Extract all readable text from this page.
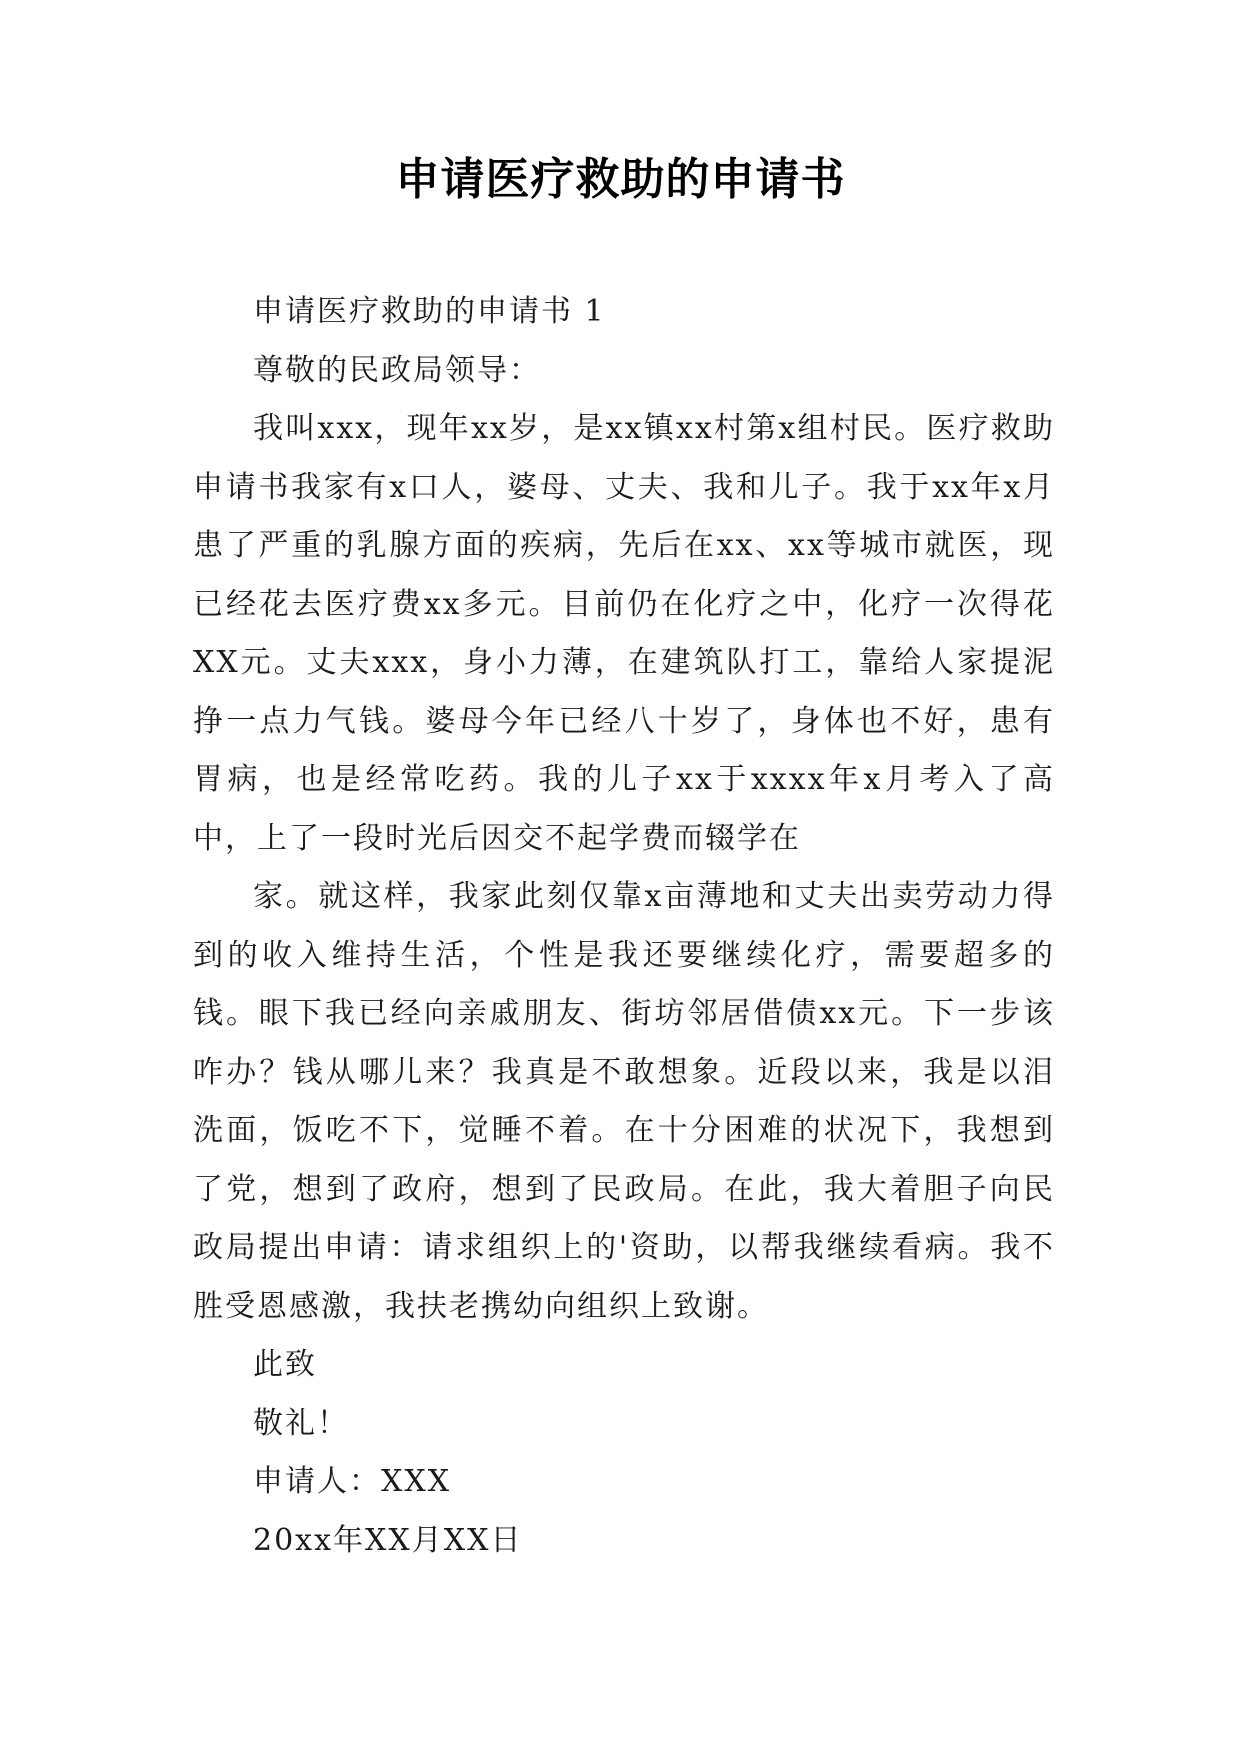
申请医疗救助的申请书

申请医疗救助的申请书 1

尊敬的民政局领导：

我叫xxx，现年xx岁，是xx镇xx村第x组村民。医疗救助申请书我家有x口人，婆母、丈夫、我和儿子。我于xx年x月患了严重的乳腺方面的疾病，先后在xx、xx等城市就医，现已经花去医疗费xx多元。目前仍在化疗之中，化疗一次得花XX元。丈夫xxx，身小力薄，在建筑队打工，靠给人家提泥挣一点力气钱。婆母今年已经八十岁了，身体也不好，患有胃病，也是经常吃药。我的儿子xx于xxxx年x月考入了高中，上了一段时光后因交不起学费而辍学在

家。就这样，我家此刻仅靠x亩薄地和丈夫出卖劳动力得到的收入维持生活，个性是我还要继续化疗，需要超多的钱。眼下我已经向亲戚朋友、街坊邻居借债xx元。下一步该咋办？钱从哪儿来？我真是不敢想象。近段以来，我是以泪洗面，饭吃不下，觉睡不着。在十分困难的状况下，我想到了党，想到了政府，想到了民政局。在此，我大着胆子向民政局提出申请：请求组织上的'资助，以帮我继续看病。我不胜受恩感激，我扶老携幼向组织上致谢。

此致

敬礼！

申请人：XXX

20xx年XX月XX日
